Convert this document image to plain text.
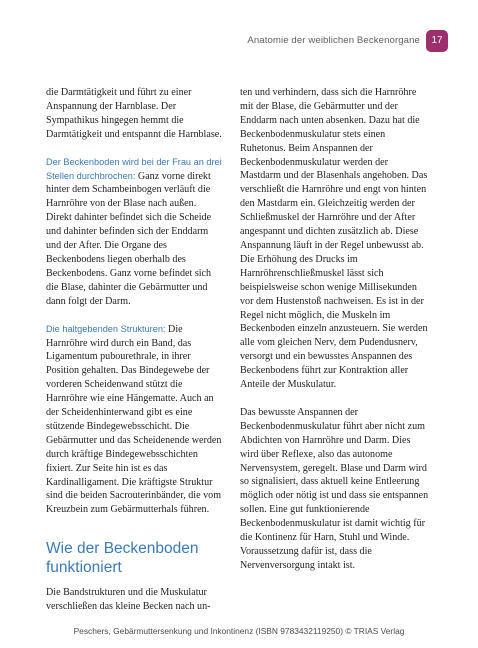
Anatomie der weiblichen Beckenorgane	17

die Darmtätigkeit und führt zu einer Anspannung der Harnblase. Der Sympathikus hingegen hemmt die Darmtätigkeit und entspannt die Harnblase.

Der Beckenboden wird bei der Frau an drei Stellen durchbrochen: Ganz vorne direkt hinter dem Schambeinbogen verläuft die Harnröhre von der Blase nach außen. Direkt dahinter befindet sich die Scheide und dahinter befinden sich der Enddarm und der After. Die Organe des Beckenbodens liegen oberhalb des Beckenbodens. Ganz vorne befindet sich die Blase, dahinter die Gebärmutter und dann folgt der Darm.

Die haltgebenden Strukturen: Die Harnröhre wird durch ein Band, das Ligamentum pubourethrale, in ihrer Position gehalten. Das Bindegewebe der vorderen Scheidenwand stützt die Harnröhre wie eine Hängematte. Auch an der Scheidenhinterwand gibt es eine stützende Bindegewebsschicht. Die Gebärmutter und das Scheidenende werden durch kräftige Bindegewebsschichten fixiert. Zur Seite hin ist es das Kardinalligament. Die kräftigste Struktur sind die beiden Sacrouterinbänder, die vom Kreuzbein zum Gebärmutterhals führen.

Wie der Beckenboden funktioniert

Die Bandstrukturen und die Muskulatur verschließen das kleine Becken nach un-

ten und verhindern, dass sich die Harnröhre mit der Blase, die Gebärmutter und der Enddarm nach unten absenken. Dazu hat die Beckenbodenmuskulatur stets einen Ruhetonus. Beim Anspannen der Beckenbodenmuskulatur werden der Mastdarm und der Blasenhals angehoben. Das verschließt die Harnröhre und engt von hinten den Mastdarm ein. Gleichzeitig werden der Schließmuskel der Harnröhre und der After angespannt und dichten zusätzlich ab. Diese Anspannung läuft in der Regel unbewusst ab. Die Erhöhung des Drucks im Harnröhrenschließmuskel lässt sich beispielsweise schon wenige Millisekunden vor dem Hustenstoß nachweisen. Es ist in der Regel nicht möglich, die Muskeln im Beckenboden einzeln anzusteuern. Sie werden alle vom gleichen Nerv, dem Pudendusnerv, versorgt und ein bewusstes Anspannen des Beckenbodens führt zur Kontraktion aller Anteile der Muskulatur.

Das bewusste Anspannen der Beckenbodenmuskulatur führt aber nicht zum Abdichten von Harnröhre und Darm. Dies wird über Reflexe, also das autonome Nervensystem, geregelt. Blase und Darm wird so signalisiert, dass aktuell keine Entleerung möglich oder nötig ist und dass sie entspannen sollen. Eine gut funktionierende Beckenbodenmuskulatur ist damit wichtig für die Kontinenz für Harn, Stuhl und Winde. Voraussetzung dafür ist, dass die Nervenversorgung intakt ist.

Peschers, Gebärmuttersenkung und Inkontinenz (ISBN 9783432119250) © TRIAS Verlag
